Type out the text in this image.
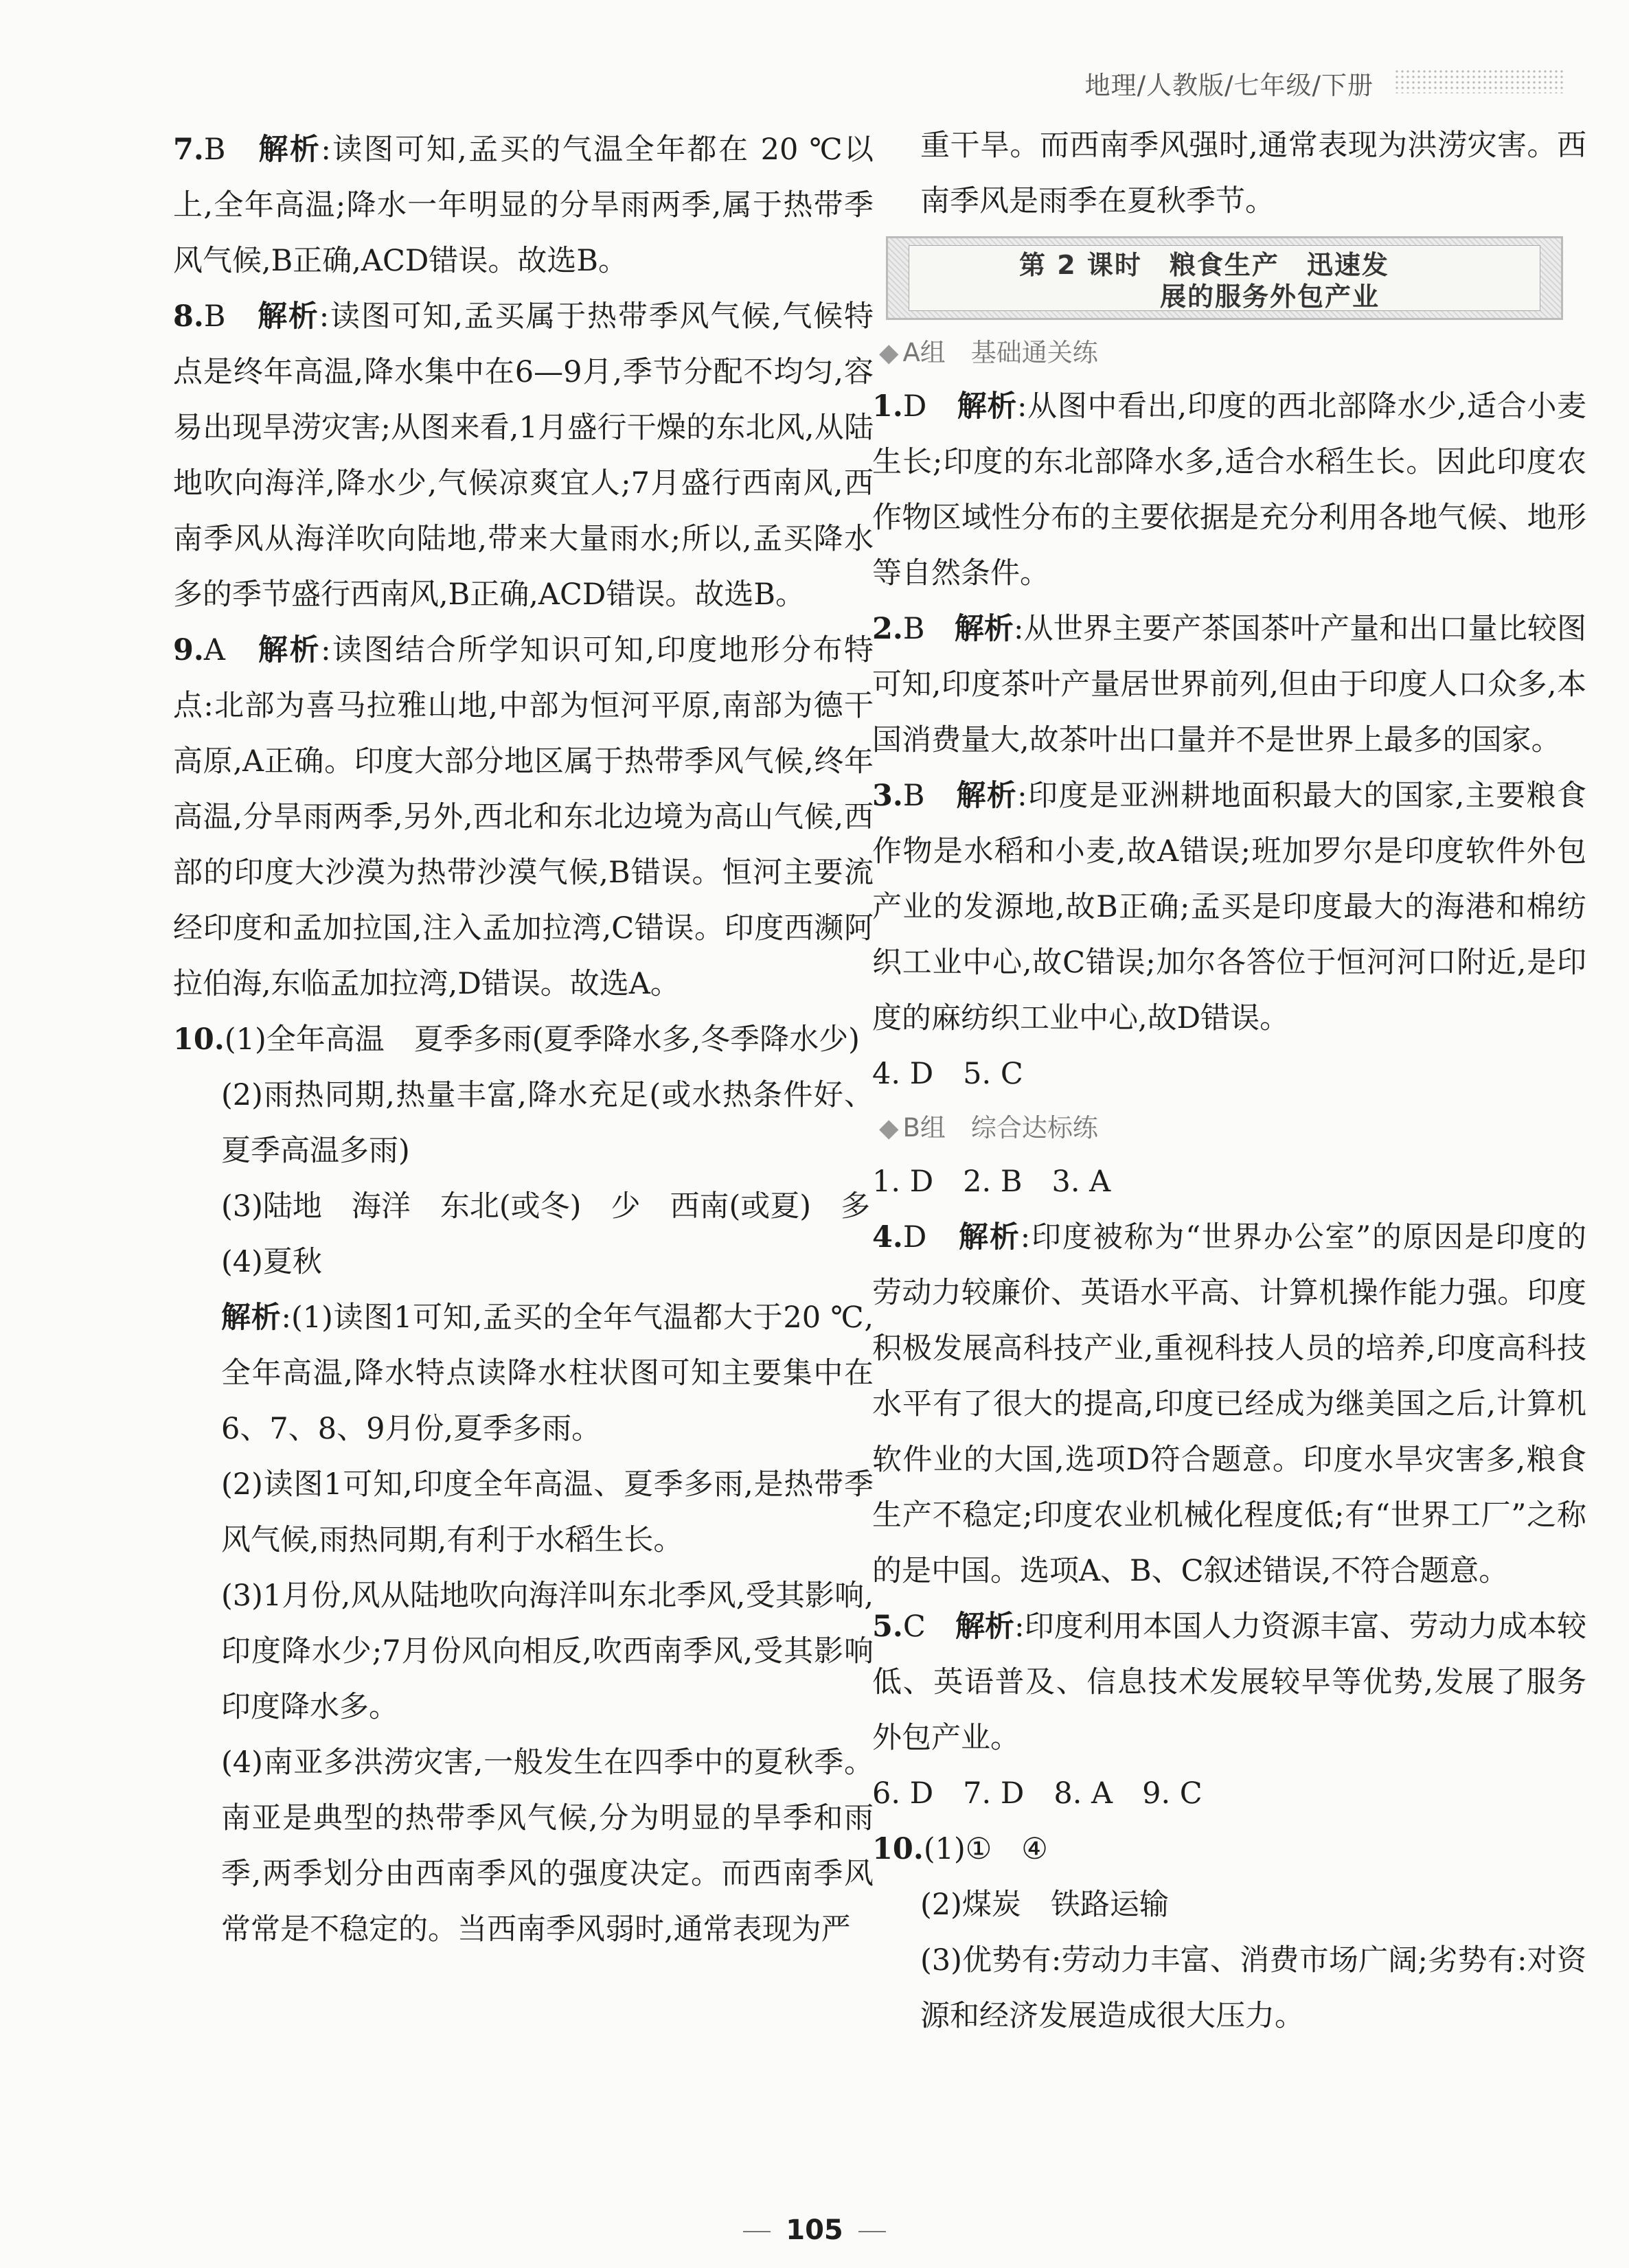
地理/人教版/七年级/下册

7.B　 解析:读图可知,孟买的气温全年都在 20 ℃以上,全年高温;降水一年明显的分旱雨两季,属于热带季风气候,B正确,ACD错误。故选B。

8.B　 解析:读图可知,孟买属于热带季风气候,气候特点是终年高温,降水集中在6—9月,季节分配不均匀,容易出现旱涝灾害;从图来看,1月盛行干燥的东北风,从陆地吹向海洋,降水少,气候凉爽宜人;7月盛行西南风,西南季风从海洋吹向陆地,带来大量雨水;所以,孟买降水多的季节盛行西南风,B正确,ACD错误。故选B。

9.A　 解析:读图结合所学知识可知,印度地形分布特点:北部为喜马拉雅山地,中部为恒河平原,南部为德干高原,A正确。印度大部分地区属于热带季风气候,终年高温,分旱雨两季,另外,西北和东北边境为高山气候,西部的印度大沙漠为热带沙漠气候,B错误。恒河主要流经印度和孟加拉国,注入孟加拉湾,C错误。印度西濒阿拉伯海,东临孟加拉湾,D错误。故选A。

10.(1)全年高温　夏季多雨(夏季降水多,冬季降水少)

(2)雨热同期,热量丰富,降水充足(或水热条件好、夏季高温多雨)

(3)陆地　海洋　东北(或冬)　少　西南(或夏)　多

(4)夏秋

解析:(1)读图1可知,孟买的全年气温都大于20 ℃,全年高温,降水特点读降水柱状图可知主要集中在6、7、8、9月份,夏季多雨。

(2)读图1可知,印度全年高温、夏季多雨,是热带季风气候,雨热同期,有利于水稻生长。

(3)1月份,风从陆地吹向海洋叫东北季风,受其影响,印度降水少;7月份风向相反,吹西南季风,受其影响印度降水多。

(4)南亚多洪涝灾害,一般发生在四季中的夏秋季。南亚是典型的热带季风气候,分为明显的旱季和雨季,两季划分由西南季风的强度决定。而西南季风常常是不稳定的。当西南季风弱时,通常表现为严

重干旱。而西南季风强时,通常表现为洪涝灾害。西南季风是雨季在夏秋季节。

第 2 课时　粮食生产　迅速发
展的服务外包产业
◆ A组　基础通关练

1.D　 解析:从图中看出,印度的西北部降水少,适合小麦生长;印度的东北部降水多,适合水稻生长。因此印度农作物区域性分布的主要依据是充分利用各地气候、地形等自然条件。

2.B　 解析:从世界主要产茶国茶叶产量和出口量比较图可知,印度茶叶产量居世界前列,但由于印度人口众多,本国消费量大,故茶叶出口量并不是世界上最多的国家。

3.B　 解析:印度是亚洲耕地面积最大的国家,主要粮食作物是水稻和小麦,故A错误;班加罗尔是印度软件外包产业的发源地,故B正确;孟买是印度最大的海港和棉纺织工业中心,故C错误;加尔各答位于恒河河口附近,是印度的麻纺织工业中心,故D错误。

4. D　5. C

◆ B组　综合达标练

1. D　2. B　3. A

4.D　 解析:印度被称为“世界办公室”的原因是印度的劳动力较廉价、英语水平高、计算机操作能力强。印度积极发展高科技产业,重视科技人员的培养,印度高科技水平有了很大的提高,印度已经成为继美国之后,计算机软件业的大国,选项D符合题意。印度水旱灾害多,粮食生产不稳定;印度农业机械化程度低;有“世界工厂”之称的是中国。选项A、B、C叙述错误,不符合题意。

5.C　 解析:印度利用本国人力资源丰富、劳动力成本较低、英语普及、信息技术发展较早等优势,发展了服务外包产业。

6. D　7. D　8. A　9. C

10.(1)①　④

(2)煤炭　铁路运输

(3)优势有:劳动力丰富、消费市场广阔;劣势有:对资源和经济发展造成很大压力。

105
